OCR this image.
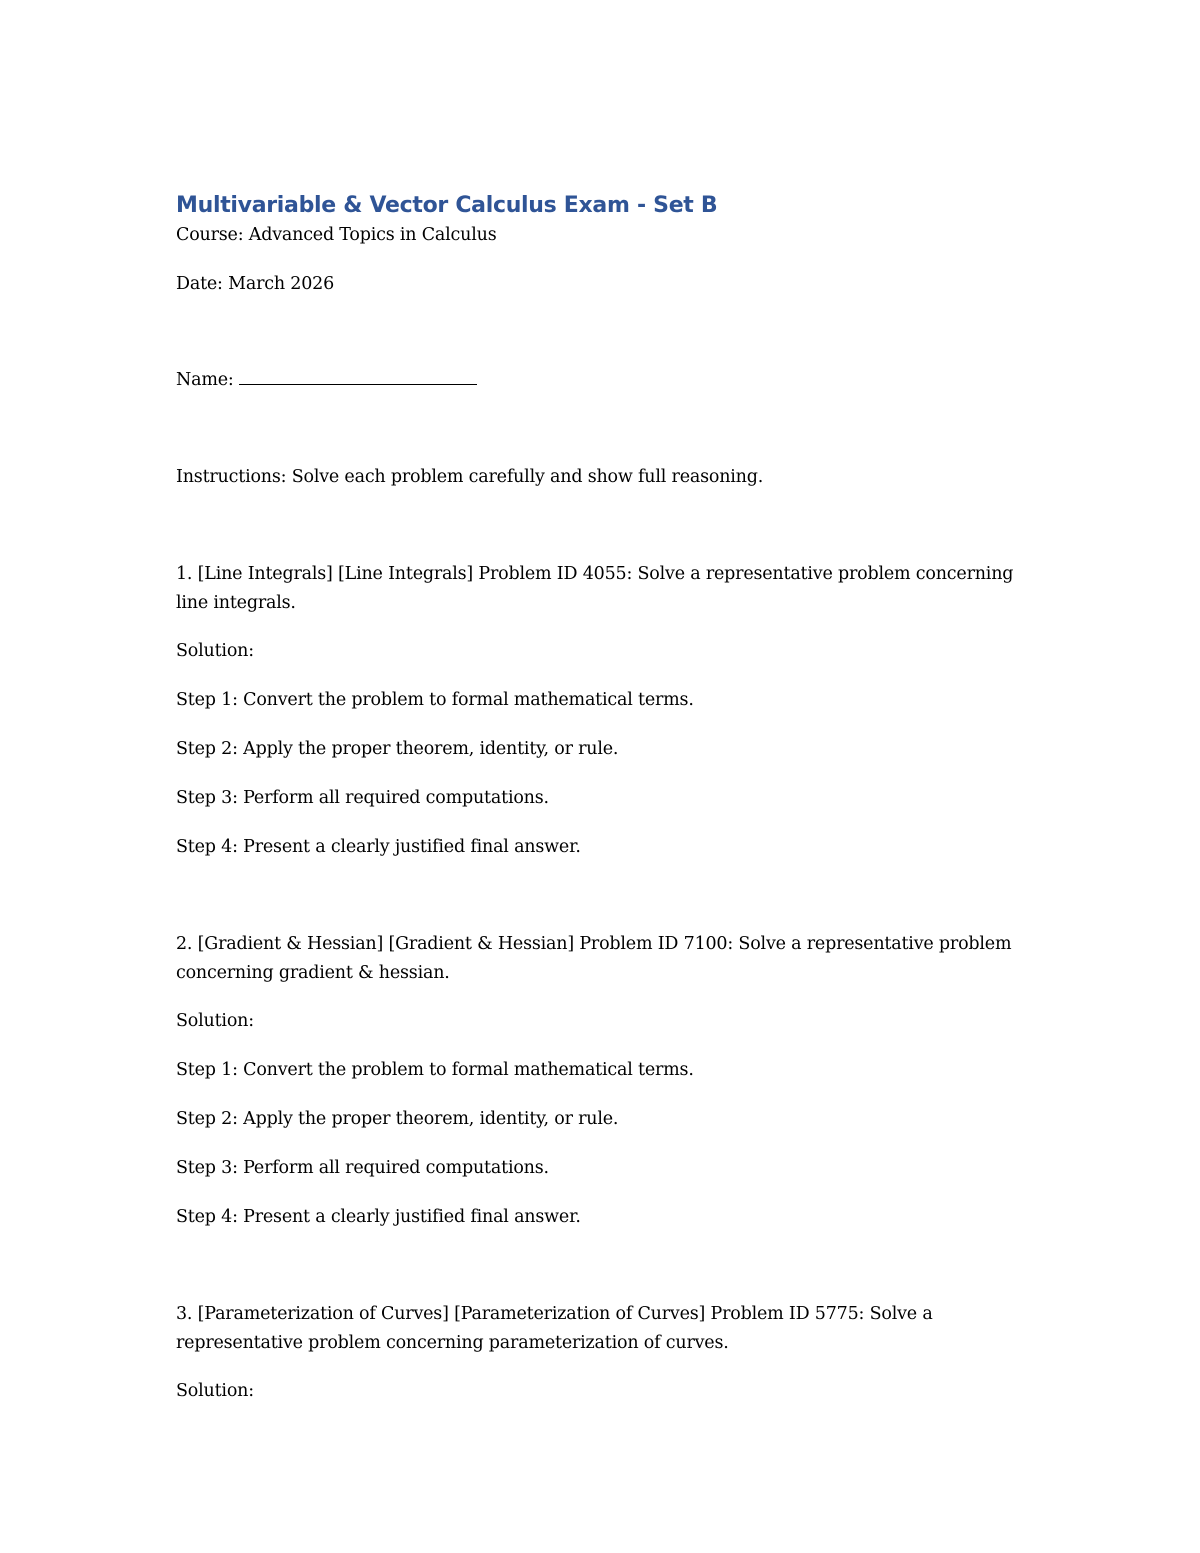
Multivariable & Vector Calculus Exam - Set B

Course: Advanced Topics in Calculus

Date: March 2026

Name:

Instructions: Solve each problem carefully and show full reasoning.

1. [Line Integrals] [Line Integrals] Problem ID 4055: Solve a representative problem concerning line integrals.

Solution:

Step 1: Convert the problem to formal mathematical terms.

Step 2: Apply the proper theorem, identity, or rule.

Step 3: Perform all required computations.

Step 4: Present a clearly justified final answer.

2. [Gradient & Hessian] [Gradient & Hessian] Problem ID 7100: Solve a representative problem concerning gradient & hessian.

Solution:

Step 1: Convert the problem to formal mathematical terms.

Step 2: Apply the proper theorem, identity, or rule.

Step 3: Perform all required computations.

Step 4: Present a clearly justified final answer.

3. [Parameterization of Curves] [Parameterization of Curves] Problem ID 5775: Solve a representative problem concerning parameterization of curves.

Solution:
